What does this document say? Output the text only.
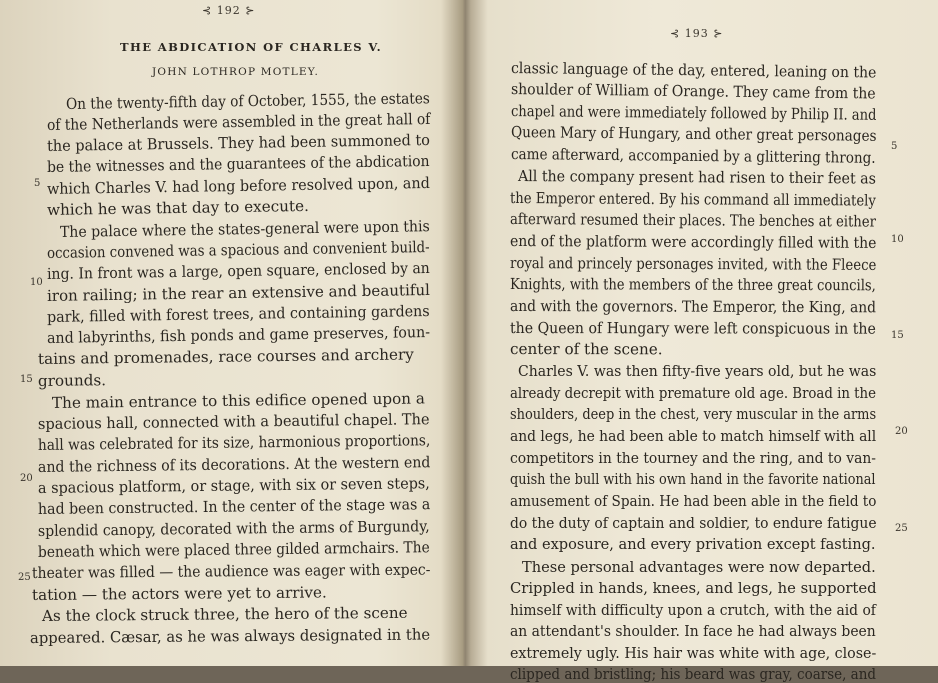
⊰ 192 ⊱
THE ABDICATION OF CHARLES V.
JOHN LOTHROP MOTLEY.
On the twenty-fifth day of October, 1555, the estates
of the Netherlands were assembled in the great hall of
the palace at Brussels. They had been summoned to
be the witnesses and the guarantees of the abdication
which Charles V. had long before resolved upon, and
which he was that day to execute.
The palace where the states-general were upon this
occasion convened was a spacious and convenient build-
ing. In front was a large, open square, enclosed by an
iron railing; in the rear an extensive and beautiful
park, filled with forest trees, and containing gardens
and labyrinths, fish ponds and game preserves, foun-
tains and promenades, race courses and archery
grounds.
The main entrance to this edifice opened upon a
spacious hall, connected with a beautiful chapel. The
hall was celebrated for its size, harmonious proportions,
and the richness of its decorations. At the western end
a spacious platform, or stage, with six or seven steps,
had been constructed. In the center of the stage was a
splendid canopy, decorated with the arms of Burgundy,
beneath which were placed three gilded armchairs. The
theater was filled — the audience was eager with expec-
tation — the actors were yet to arrive.
As the clock struck three, the hero of the scene
appeared. Cæsar, as he was always designated in the
5
10
15
20
25
⊰ 193 ⊱
classic language of the day, entered, leaning on the
shoulder of William of Orange. They came from the
chapel and were immediately followed by Philip II. and
Queen Mary of Hungary, and other great personages
came afterward, accompanied by a glittering throng.
All the company present had risen to their feet as
the Emperor entered. By his command all immediately
afterward resumed their places. The benches at either
end of the platform were accordingly filled with the
royal and princely personages invited, with the Fleece
Knights, with the members of the three great councils,
and with the governors. The Emperor, the King, and
the Queen of Hungary were left conspicuous in the
center of the scene.
Charles V. was then fifty-five years old, but he was
already decrepit with premature old age. Broad in the
shoulders, deep in the chest, very muscular in the arms
and legs, he had been able to match himself with all
competitors in the tourney and the ring, and to van-
quish the bull with his own hand in the favorite national
amusement of Spain. He had been able in the field to
do the duty of captain and soldier, to endure fatigue
and exposure, and every privation except fasting.
These personal advantages were now departed.
Crippled in hands, knees, and legs, he supported
himself with difficulty upon a crutch, with the aid of
an attendant's shoulder. In face he had always been
extremely ugly. His hair was white with age, close-
clipped and bristling; his beard was gray, coarse, and
5
10
15
20
25
